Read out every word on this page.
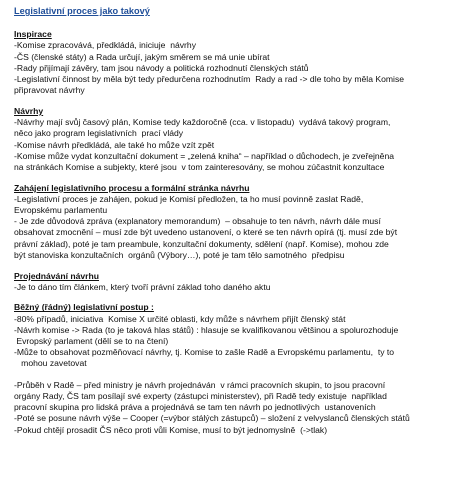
Legislativní proces jako takový
Inspirace
-Komise zpracovává, předkládá, iniciuje  návrhy
-ČS (členské státy) a Rada určují, jakým směrem se má unie ubírat
-Rady přijímají závěry, tam jsou návody a politická rozhodnutí členských států
-Legislativní činnost by měla být tedy předurčena rozhodnutím  Rady a rad -> dle toho by měla Komise
připravovat návrhy
Návrhy
-Návrhy mají svůj časový plán, Komise tedy každoročně (cca. v listopadu)  vydává takový program,
něco jako program legislativních  prací vlády
-Komise návrh předkládá, ale také ho může vzít zpět
-Komise může vydat konzultační dokument = „zelená kniha“ – například o důchodech, je zveřejněna
na stránkách Komise a subjekty, které jsou  v tom zainteresovány, se mohou zúčastnit konzultace
Zahájení legislativního procesu a formální stránka návrhu
-Legislativní proces je zahájen, pokud je Komisí předložen, ta ho musí povinně zaslat Radě,
Evropskému parlamentu
- Je zde důvodová zpráva (explanatory memorandum)  – obsahuje to ten návrh, návrh dále musí
obsahovat zmocnění – musí zde být uvedeno ustanovení, o které se ten návrh opírá (tj. musí zde být
právní základ), poté je tam preambule, konzultační dokumenty, sdělení (např. Komise), mohou zde
být stanoviska konzultačních  orgánů (Výbory…), poté je tam tělo samotného  předpisu
Projednávání návrhu
-Je to dáno tím článkem, který tvoří právní základ toho daného aktu
Běžný (řádný) legislativní postup :
-80% případů, iniciativa  Komise X určité oblasti, kdy může s návrhem přijít členský stát
-Návrh komise -> Rada (to je taková hlas států) : hlasuje se kvalifikovanou většinou a spolurozhoduje
Evropský parlament (dělí se to na čtení)
-Může to obsahovat pozměňovací návrhy, tj. Komise to zašle Radě a Evropskému parlamentu,  ty to
mohou zavetovat
-Průběh v Radě – před ministry je návrh projednáván  v rámci pracovních skupin, to jsou pracovní
orgány Rady, ČS tam posílají své experty (zástupci ministerstev), při Radě tedy existuje  například
pracovní skupina pro lidská práva a projednává se tam ten návrh po jednotlivých  ustanoveních
-Poté se posune návrh výše – Cooper (=výbor stálých zástupců) – složení z velvyslanců členských států
-Pokud chtějí prosadit ČS něco proti vůli Komise, musí to být jednomyslně  (->tlak)
